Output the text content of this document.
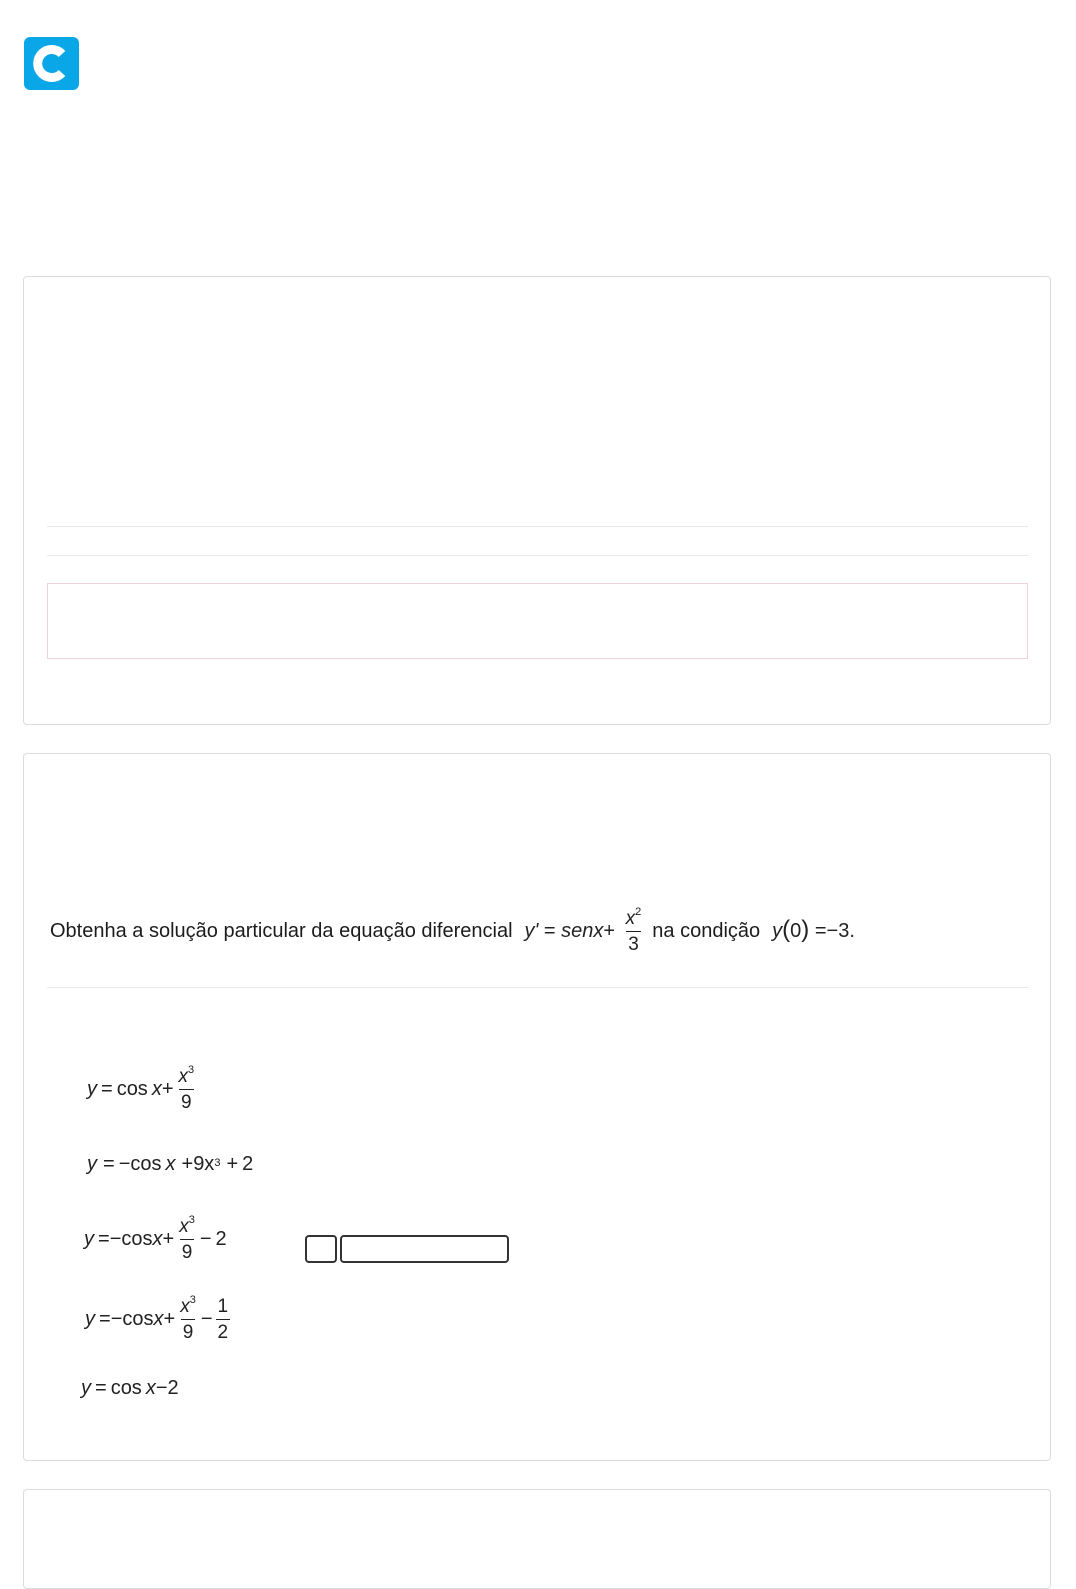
Obtenha a solução particular da equação diferencial y' = senx+ $\frac{x^2}{3}$ na condição y(0) =−3.
$y = \cos x + \frac{x^3}{9}$
y = − $\cos x + 9x^3 + 2$
y = − $\cos x + \frac{x^3}{9} - 2$
y = − $\cos x + \frac{x^3}{9} - \frac{1}{2}$
y = cos x − 2
